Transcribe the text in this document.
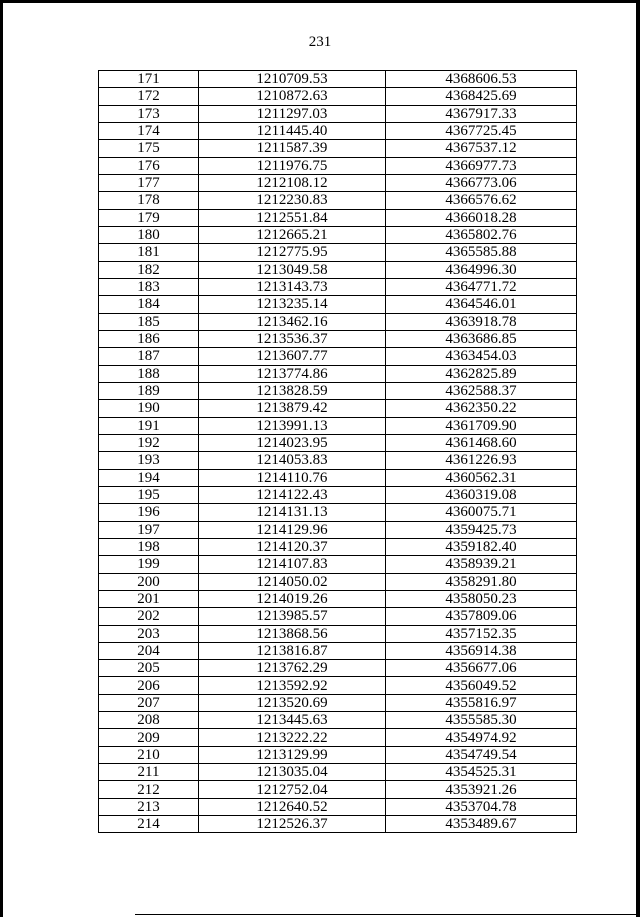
231
171	1210709.53	4368606.53
172	1210872.63	4368425.69
173	1211297.03	4367917.33
174	1211445.40	4367725.45
175	1211587.39	4367537.12
176	1211976.75	4366977.73
177	1212108.12	4366773.06
178	1212230.83	4366576.62
179	1212551.84	4366018.28
180	1212665.21	4365802.76
181	1212775.95	4365585.88
182	1213049.58	4364996.30
183	1213143.73	4364771.72
184	1213235.14	4364546.01
185	1213462.16	4363918.78
186	1213536.37	4363686.85
187	1213607.77	4363454.03
188	1213774.86	4362825.89
189	1213828.59	4362588.37
190	1213879.42	4362350.22
191	1213991.13	4361709.90
192	1214023.95	4361468.60
193	1214053.83	4361226.93
194	1214110.76	4360562.31
195	1214122.43	4360319.08
196	1214131.13	4360075.71
197	1214129.96	4359425.73
198	1214120.37	4359182.40
199	1214107.83	4358939.21
200	1214050.02	4358291.80
201	1214019.26	4358050.23
202	1213985.57	4357809.06
203	1213868.56	4357152.35
204	1213816.87	4356914.38
205	1213762.29	4356677.06
206	1213592.92	4356049.52
207	1213520.69	4355816.97
208	1213445.63	4355585.30
209	1213222.22	4354974.92
210	1213129.99	4354749.54
211	1213035.04	4354525.31
212	1212752.04	4353921.26
213	1212640.52	4353704.78
214	1212526.37	4353489.67
